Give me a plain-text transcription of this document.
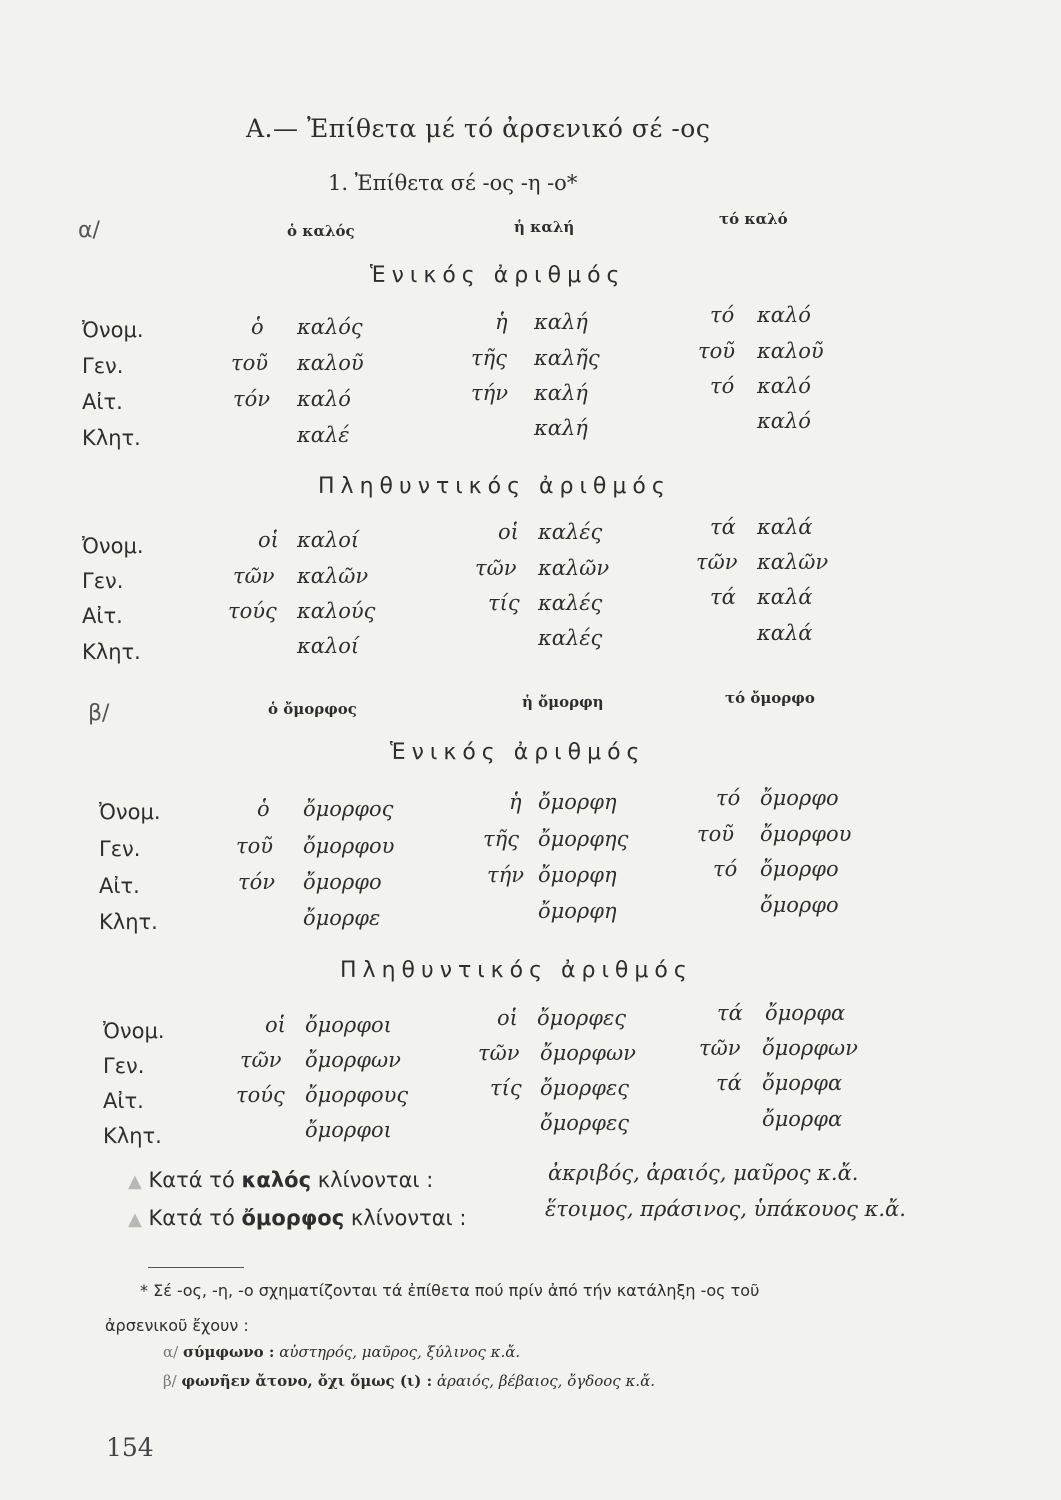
Α.— Ἐπίθετα μέ τό ἀρσενικό σέ -ος
1. Ἐπίθετα σέ -ος -η -ο*
α/	ὁ καλός	ἡ καλή	τό καλό
Ἑνικός ἀριθμός
Ὀνομ.	ὁ καλός	ἡ καλή	τό καλό
Γεν.	τοῦ καλοῦ	τῆς καλῆς	τοῦ καλοῦ
Αἰτ.	τόν καλό	τήν καλή	τό καλό
Κλητ.	καλέ	καλή	καλό
Πληθυντικός ἀριθμός
Ὀνομ.	οἱ καλοί	οἱ καλές	τά καλά
Γεν.	τῶν καλῶν	τῶν καλῶν	τῶν καλῶν
Αἰτ.	τούς καλούς	τίς καλές	τά καλά
Κλητ.	καλοί	καλές	καλά
β/	ὁ ὄμορφος	ἡ ὄμορφη	τό ὄμορφο
Ἑνικός ἀριθμός
Ὀνομ.	ὁ ὄμορφος	ἡ ὄμορφη	τό ὄμορφο
Γεν.	τοῦ ὄμορφου	τῆς ὄμορφης	τοῦ ὄμορφου
Αἰτ.	τόν ὄμορφο	τήν ὄμορφη	τό ὄμορφο
Κλητ.	ὄμορφε	ὄμορφη	ὄμορφο
Πληθυντικός ἀριθμός
Ὀνομ.	οἱ ὄμορφοι	οἱ ὄμορφες	τά ὄμορφα
Γεν.	τῶν ὄμορφων	τῶν ὄμορφων	τῶν ὄμορφων
Αἰτ.	τούς ὄμορφους	τίς ὄμορφες	τά ὄμορφα
Κλητ.	ὄμορφοι	ὄμορφες	ὄμορφα
▲ Κατά τό καλός κλίνονται :	ἀκριβός, ἀραιός, μαῦρος κ.ἄ.
▲ Κατά τό ὄμορφος κλίνονται :	ἕτοιμος, πράσινος, ὑπάκουος κ.ἄ.
* Σέ -ος, -η, -ο σχηματίζονται τά ἐπίθετα πού πρίν ἀπό τήν κατάληξη -ος τοῦ
ἀρσενικοῦ ἔχουν :
α/ σύμφωνο : αὐστηρός, μαῦρος, ξύλινος κ.ἄ.
β/ φωνῆεν ἄτονο, ὄχι ὅμως (ι) : ἀραιός, βέβαιος, ὄγδοος κ.ἄ.
154
